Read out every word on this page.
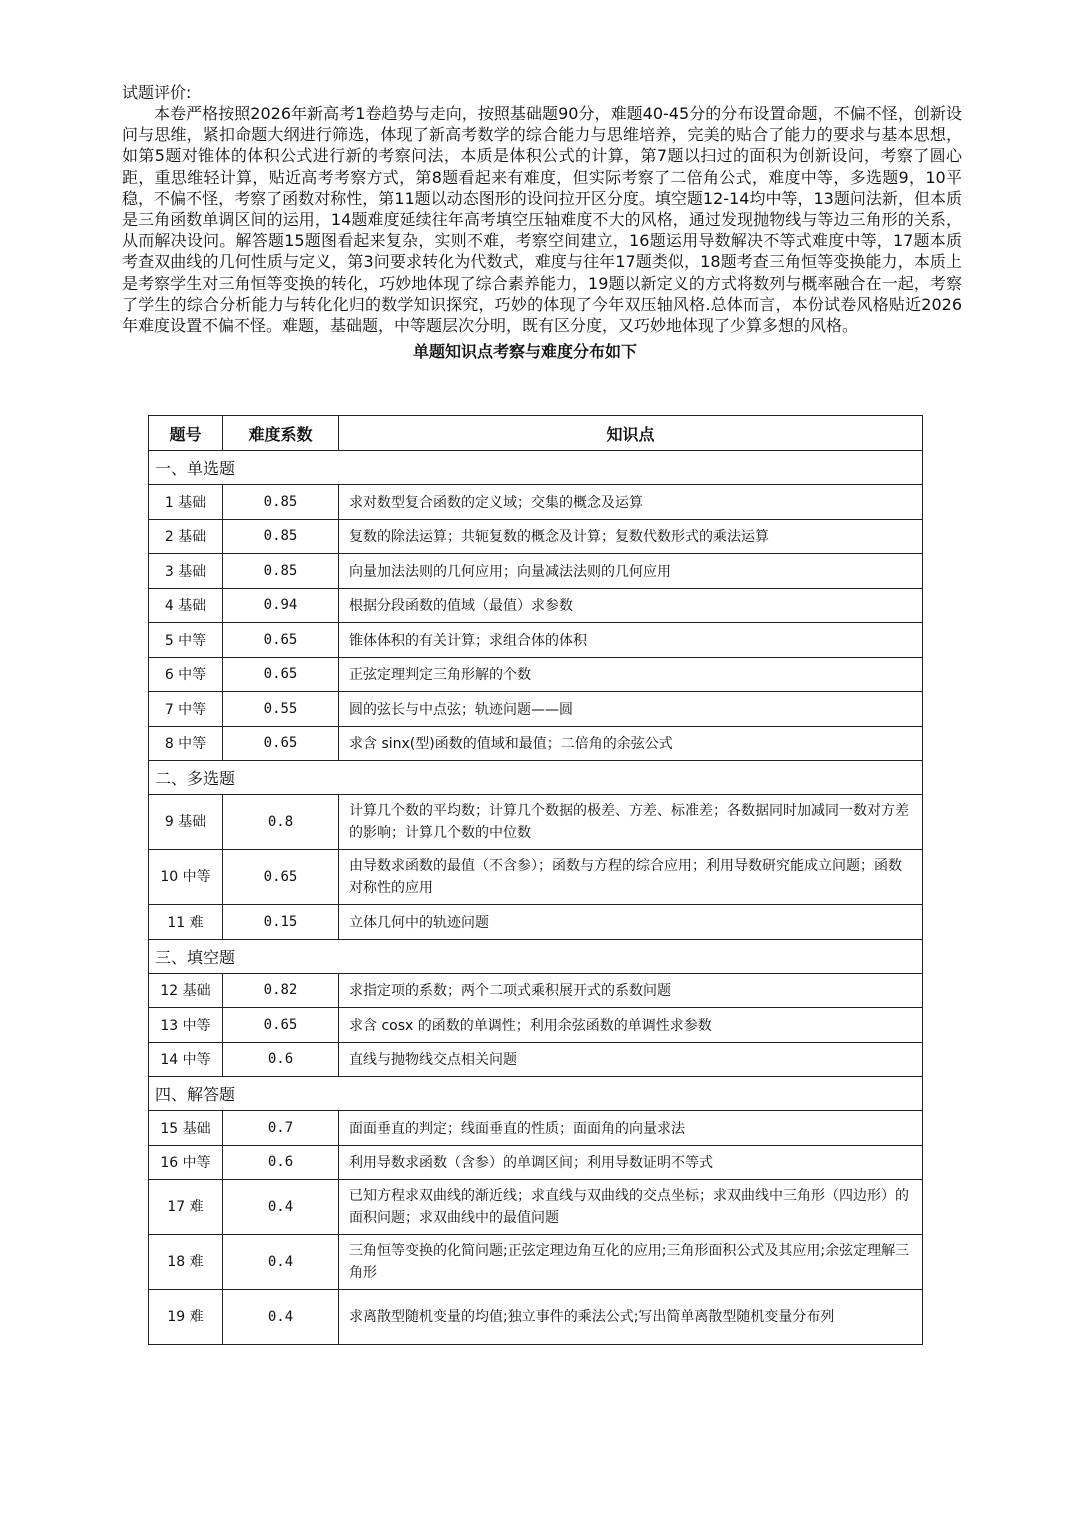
试题评价:

本卷严格按照2026年新高考1卷趋势与走向，按照基础题90分，难题40-45分的分布设置命题，不偏不怪，创新设问与思维，紧扣命题大纲进行筛选，体现了新高考数学的综合能力与思维培养，完美的贴合了能力的要求与基本思想，如第5题对锥体的体积公式进行新的考察问法，本质是体积公式的计算，第7题以扫过的面积为创新设问，考察了圆心距，重思维轻计算，贴近高考考察方式，第8题看起来有难度，但实际考察了二倍角公式，难度中等，多选题9，10平稳，不偏不怪，考察了函数对称性，第11题以动态图形的设问拉开区分度。填空题12-14均中等，13题问法新，但本质是三角函数单调区间的运用，14题难度延续往年高考填空压轴难度不大的风格，通过发现抛物线与等边三角形的关系，从而解决设问。解答题15题图看起来复杂，实则不难，考察空间建立，16题运用导数解决不等式难度中等，17题本质考查双曲线的几何性质与定义，第3问要求转化为代数式，难度与往年17题类似，18题考查三角恒等变换能力，本质上是考察学生对三角恒等变换的转化，巧妙地体现了综合素养能力，19题以新定义的方式将数列与概率融合在一起，考察了学生的综合分析能力与转化化归的数学知识探究，巧妙的体现了今年双压轴风格.总体而言，本份试卷风格贴近2026年难度设置不偏不怪。难题，基础题，中等题层次分明，既有区分度，又巧妙地体现了少算多想的风格。

单题知识点考察与难度分布如下

题号	难度系数	知识点
一、单选题		
1 基础	0.85	求对数型复合函数的定义域；交集的概念及运算
2 基础	0.85	复数的除法运算；共轭复数的概念及计算；复数代数形式的乘法运算
3 基础	0.85	向量加法法则的几何应用；向量减法法则的几何应用
4 基础	0.94	根据分段函数的值域（最值）求参数
5 中等	0.65	锥体体积的有关计算；求组合体的体积
6 中等	0.65	正弦定理判定三角形解的个数
7 中等	0.55	圆的弦长与中点弦；轨迹问题——圆
8 中等	0.65	求含 sinx(型)函数的值域和最值；二倍角的余弦公式
二、多选题		
9 基础	0.8	计算几个数的平均数；计算几个数据的极差、方差、标准差；各数据同时加减同一数对方差的影响；计算几个数的中位数
10 中等	0.65	由导数求函数的最值（不含参）；函数与方程的综合应用；利用导数研究能成立问题；函数对称性的应用
11 难	0.15	立体几何中的轨迹问题
三、填空题		
12 基础	0.82	求指定项的系数；两个二项式乘积展开式的系数问题
13 中等	0.65	求含 cosx 的函数的单调性；利用余弦函数的单调性求参数
14 中等	0.6	直线与抛物线交点相关问题
四、解答题		
15 基础	0.7	面面垂直的判定；线面垂直的性质；面面角的向量求法
16 中等	0.6	利用导数求函数（含参）的单调区间；利用导数证明不等式
17 难	0.4	已知方程求双曲线的渐近线；求直线与双曲线的交点坐标；求双曲线中三角形（四边形）的面积问题；求双曲线中的最值问题
18 难	0.4	三角恒等变换的化简问题;正弦定理边角互化的应用;三角形面积公式及其应用;余弦定理解三角形
19 难	0.4	求离散型随机变量的均值;独立事件的乘法公式;写出简单离散型随机变量分布列
